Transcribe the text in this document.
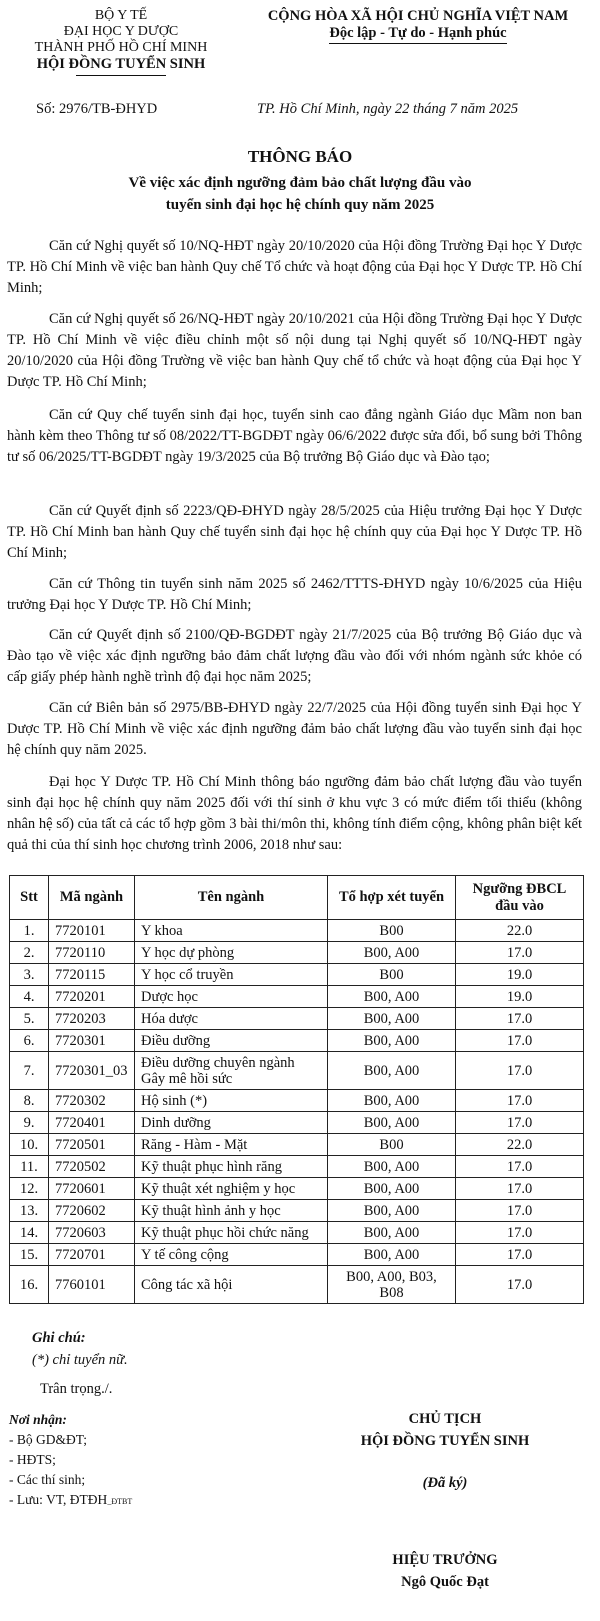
BỘ Y TẾ
ĐẠI HỌC Y DƯỢC
THÀNH PHỐ HỒ CHÍ MINH
HỘI ĐỒNG TUYỂN SINH
Số: 2976/TB-ĐHYD
CỘNG HÒA XÃ HỘI CHỦ NGHĨA VIỆT NAM
Độc lập - Tự do - Hạnh phúc
TP. Hồ Chí Minh, ngày 22 tháng 7 năm 2025
THÔNG BÁO
Về việc xác định ngưỡng đảm bảo chất lượng đầu vào
tuyển sinh đại học hệ chính quy năm 2025

Căn cứ Nghị quyết số 10/NQ-HĐT ngày 20/10/2020 của Hội đồng Trường Đại học Y Dược TP. Hồ Chí Minh về việc ban hành Quy chế Tổ chức và hoạt động của Đại học Y Dược TP. Hồ Chí Minh;

Căn cứ Nghị quyết số 26/NQ-HĐT ngày 20/10/2021 của Hội đồng Trường Đại học Y Dược TP. Hồ Chí Minh về việc điều chỉnh một số nội dung tại Nghị quyết số 10/NQ-HĐT ngày 20/10/2020 của Hội đồng Trường về việc ban hành Quy chế tổ chức và hoạt động của Đại học Y Dược TP. Hồ Chí Minh;

Căn cứ Quy chế tuyển sinh đại học, tuyển sinh cao đẳng ngành Giáo dục Mầm non ban hành kèm theo Thông tư số 08/2022/TT-BGDĐT ngày 06/6/2022 được sửa đổi, bổ sung bởi Thông tư số 06/2025/TT-BGDĐT ngày 19/3/2025 của Bộ trưởng Bộ Giáo dục và Đào tạo;

Căn cứ Quyết định số 2223/QĐ-ĐHYD ngày 28/5/2025 của Hiệu trưởng Đại học Y Dược TP. Hồ Chí Minh ban hành Quy chế tuyển sinh đại học hệ chính quy của Đại học Y Dược TP. Hồ Chí Minh;

Căn cứ Thông tin tuyển sinh năm 2025 số 2462/TTTS-ĐHYD ngày 10/6/2025 của Hiệu trưởng Đại học Y Dược TP. Hồ Chí Minh;

Căn cứ Quyết định số 2100/QĐ-BGDĐT ngày 21/7/2025 của Bộ trưởng Bộ Giáo dục và Đào tạo về việc xác định ngưỡng bảo đảm chất lượng đầu vào đối với nhóm ngành sức khỏe có cấp giấy phép hành nghề trình độ đại học năm 2025;

Căn cứ Biên bản số 2975/BB-ĐHYD ngày 22/7/2025 của Hội đồng tuyển sinh Đại học Y Dược TP. Hồ Chí Minh về việc xác định ngưỡng đảm bảo chất lượng đầu vào tuyển sinh đại học hệ chính quy năm 2025.

Đại học Y Dược TP. Hồ Chí Minh thông báo ngưỡng đảm bảo chất lượng đầu vào tuyển sinh đại học hệ chính quy năm 2025 đối với thí sinh ở khu vực 3 có mức điểm tối thiểu (không nhân hệ số) của tất cả các tổ hợp gồm 3 bài thi/môn thi, không tính điểm cộng, không phân biệt kết quả thi của thí sinh học chương trình 2006, 2018 như sau:

Stt	Mã ngành	Tên ngành	Tổ hợp xét tuyển	Ngưỡng ĐBCL đầu vào
1.	7720101	Y khoa	B00	22.0
2.	7720110	Y học dự phòng	B00, A00	17.0
3.	7720115	Y học cổ truyền	B00	19.0
4.	7720201	Dược học	B00, A00	19.0
5.	7720203	Hóa dược	B00, A00	17.0
6.	7720301	Điều dưỡng	B00, A00	17.0
7.	7720301_03	Điều dưỡng chuyên ngành Gây mê hồi sức	B00, A00	17.0
8.	7720302	Hộ sinh (*)	B00, A00	17.0
9.	7720401	Dinh dưỡng	B00, A00	17.0
10.	7720501	Răng - Hàm - Mặt	B00	22.0
11.	7720502	Kỹ thuật phục hình răng	B00, A00	17.0
12.	7720601	Kỹ thuật xét nghiệm y học	B00, A00	17.0
13.	7720602	Kỹ thuật hình ảnh y học	B00, A00	17.0
14.	7720603	Kỹ thuật phục hồi chức năng	B00, A00	17.0
15.	7720701	Y tế công cộng	B00, A00	17.0
16.	7760101	Công tác xã hội	B00, A00, B03, B08	17.0
Ghi chú:
(*) chỉ tuyển nữ.
Trân trọng./.
Nơi nhận:
- Bộ GD&ĐT;
- HĐTS;
- Các thí sinh;
- Lưu: VT, ĐTĐH_ĐTBT
CHỦ TỊCH
HỘI ĐỒNG TUYỂN SINH
(Đã ký)
HIỆU TRƯỞNG
Ngô Quốc Đạt
